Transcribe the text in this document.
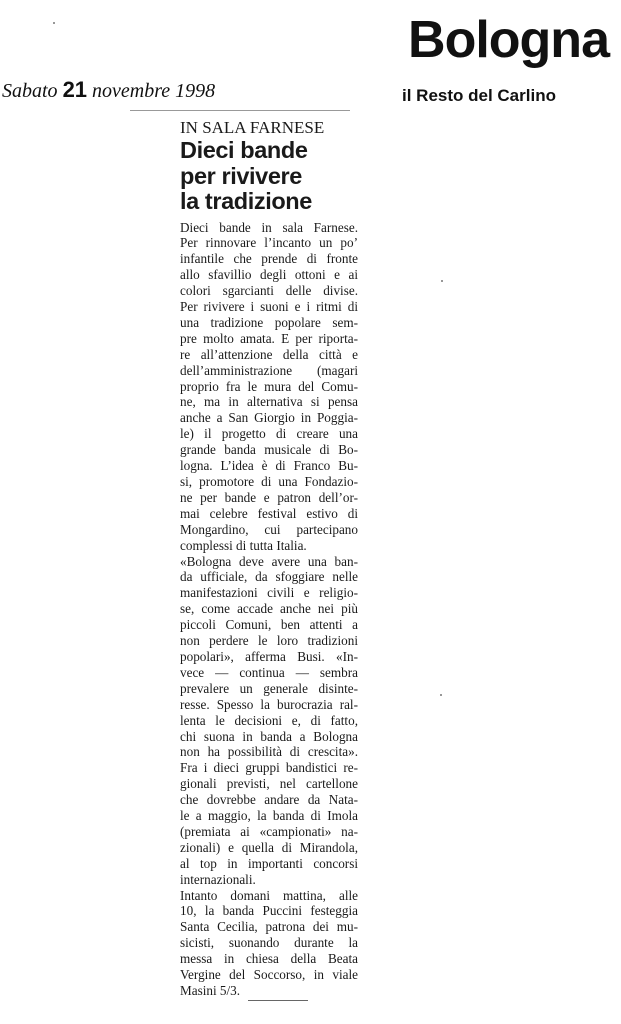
Bologna
il Resto del Carlino
Sabato 21 novembre 1998
IN SALA FARNESE
Dieci bande
per rivivere
la tradizione
Dieci bande in sala Farnese.
Per rinnovare l’incanto un po’
infantile che prende di fronte
allo sfavillio degli ottoni e ai
colori sgarcianti delle divise.
Per rivivere i suoni e i ritmi di
una tradizione popolare sem-
pre molto amata. E per riporta-
re all’attenzione della città e
dell’amministrazione (magari
proprio fra le mura del Comu-
ne, ma in alternativa si pensa
anche a San Giorgio in Poggia-
le) il progetto di creare una
grande banda musicale di Bo-
logna. L’idea è di Franco Bu-
si, promotore di una Fondazio-
ne per bande e patron dell’or-
mai celebre festival estivo di
Mongardino, cui partecipano
complessi di tutta Italia.
«Bologna deve avere una ban-
da ufficiale, da sfoggiare nelle
manifestazioni civili e religio-
se, come accade anche nei più
piccoli Comuni, ben attenti a
non perdere le loro tradizioni
popolari», afferma Busi. «In-
vece — continua — sembra
prevalere un generale disinte-
resse. Spesso la burocrazia ral-
lenta le decisioni e, di fatto,
chi suona in banda a Bologna
non ha possibilità di crescita».
Fra i dieci gruppi bandistici re-
gionali previsti, nel cartellone
che dovrebbe andare da Nata-
le a maggio, la banda di Imola
(premiata ai «campionati» na-
zionali) e quella di Mirandola,
al top in importanti concorsi
internazionali.
Intanto domani mattina, alle
10, la banda Puccini festeggia
Santa Cecilia, patrona dei mu-
sicisti, suonando durante la
messa in chiesa della Beata
Vergine del Soccorso, in viale
Masini 5/3.
